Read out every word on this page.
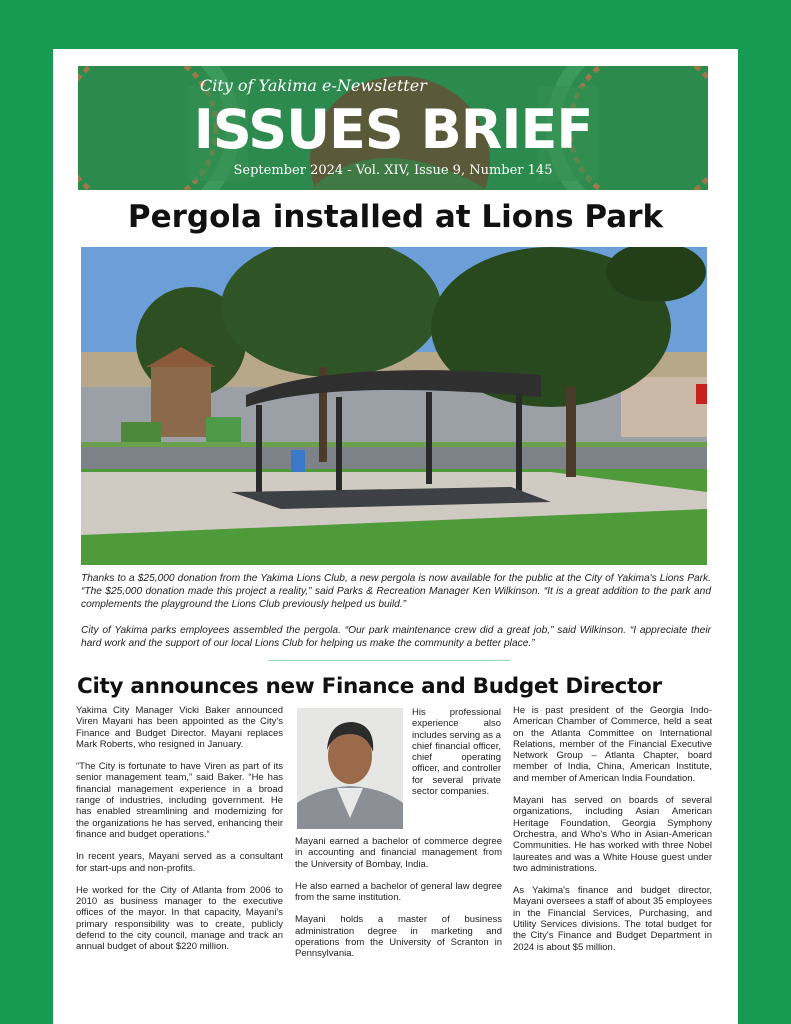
City of Yakima e-Newsletter
ISSUES BRIEF
September 2024 - Vol. XIV, Issue 9, Number 145
Pergola installed at Lions Park

Thanks to a $25,000 donation from the Yakima Lions Club, a new pergola is now available for the public at the City of Yakima's Lions Park. “The $25,000 donation made this project a reality,” said Parks & Recreation Manager Ken Wilkinson. “It is a great addition to the park and complements the playground the Lions Club previously helped us build.”

City of Yakima parks employees assembled the pergola. “Our park maintenance crew did a great job,” said Wilkinson. “I appreciate their hard work and the support of our local Lions Club for helping us make the community a better place.”

City announces new Finance and Budget Director

Yakima City Manager Vicki Baker announced Viren Mayani has been appointed as the City's Finance and Budget Director. Mayani replaces Mark Roberts, who resigned in January.

“The City is fortunate to have Viren as part of its senior management team,” said Baker. “He has financial management experience in a broad range of industries, including government. He has enabled streamlining and modernizing for the organizations he has served, enhancing their finance and budget operations.“

In recent years, Mayani served as a consultant for start-ups and non-profits.

He worked for the City of Atlanta from 2006 to 2010 as business manager to the executive offices of the mayor. In that capacity, Mayani's primary responsibility was to create, publicly defend to the city council, manage and track an annual budget of about $220 million.

His professional experience also includes serving as a chief financial officer, chief operating officer, and controller for several private sector companies.

Mayani earned a bachelor of commerce degree in accounting and financial management from the University of Bombay, India.

He also earned a bachelor of general law degree from the same institution.

Mayani holds a master of business administration degree in marketing and operations from the University of Scranton in Pennsylvania.

He is past president of the Georgia Indo-American Chamber of Commerce, held a seat on the Atlanta Committee on International Relations, member of the Financial Executive Network Group – Atlanta Chapter, board member of India, China, American Institute, and member of American India Foundation.

Mayani has served on boards of several organizations, including Asian American Heritage Foundation, Georgia Symphony Orchestra, and Who's Who in Asian-American Communities. He has worked with three Nobel laureates and was a White House guest under two administrations.

As Yakima's finance and budget director, Mayani oversees a staff of about 35 employees in the Financial Services, Purchasing, and Utility Services divisions. The total budget for the City's Finance and Budget Department in 2024 is about $5 million.
